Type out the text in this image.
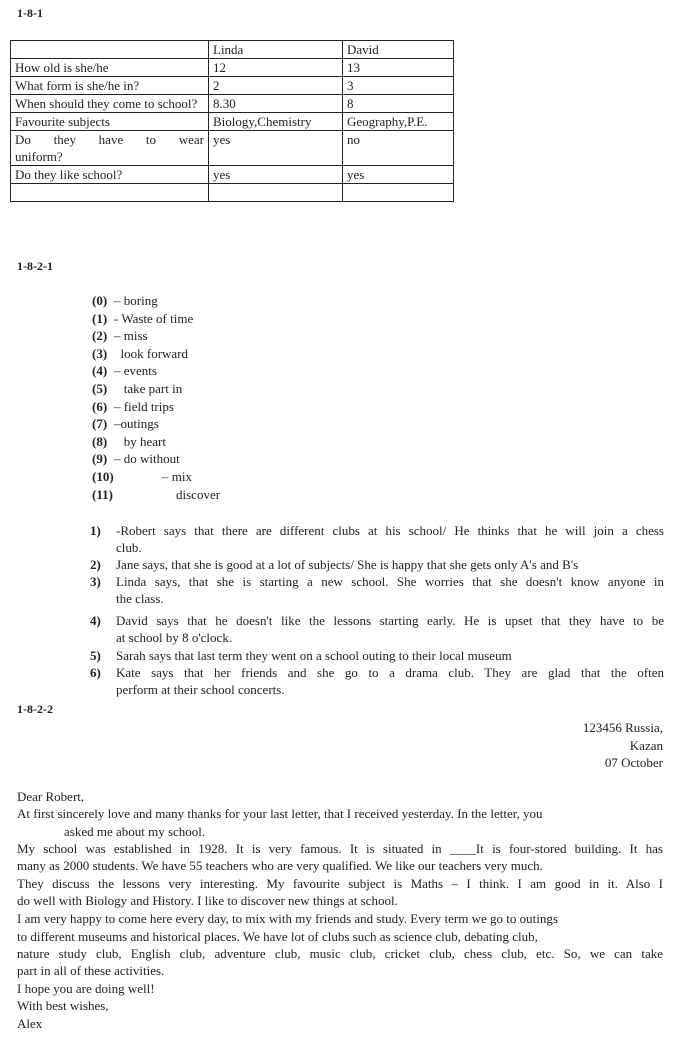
1-8-1
	Linda	David
How old is she/he	12	13
What form is she/he in?	2	3
When should they come to school?	8.30	8
Favourite subjects	Biology,Chemistry	Geography,P.E.
Do they have to wear uniform?	yes	no
Do they like school?	yes	yes

1-8-2-1
(0) – boring
(1) - Waste of time
(2) – miss
(3) look forward
(4) – events
(5) take part in
(6) – field trips
(7) –outings
(8) by heart
(9) – do without
(10)	– mix
(11)	discover
1) -Robert says that there are different clubs at his school/ He thinks that he will join a chess
club.
2) Jane says, that she is good at a lot of subjects/ She is happy that she gets only A's and B's
3) Linda says, that she is starting a new school. She worries that she doesn't know anyone in
the class.
4) David says that he doesn't like the lessons starting early. He is upset that they have to be
at school by 8 o'clock.
5) Sarah says that last term they went on a school outing to their local museum
6) Kate says that her friends and she go to a drama club. They are glad that the often
perform at their school concerts.
1-8-2-2
123456 Russia,
Kazan
07 October
Dear Robert,
At first sincerely love and many thanks for your last letter, that I received yesterday. In the letter, you
asked me about my school.
My school was established in 1928. It is very famous. It is situated in ____It is four-stored building. It has
many as 2000 students. We have 55 teachers who are very qualified. We like our teachers very much.
They discuss the lessons very interesting. My favourite subject is Maths – I think. I am good in it. Also I
do well with Biology and History. I like to discover new things at school.
I am very happy to come here every day, to mix with my friends and study. Every term we go to outings
to different museums and historical places. We have lot of clubs such as science club, debating club,
nature study club, English club, adventure club, music club, cricket club, chess club, etc. So, we can take
part in all of these activities.
I hope you are doing well!
With best wishes,
Alex
